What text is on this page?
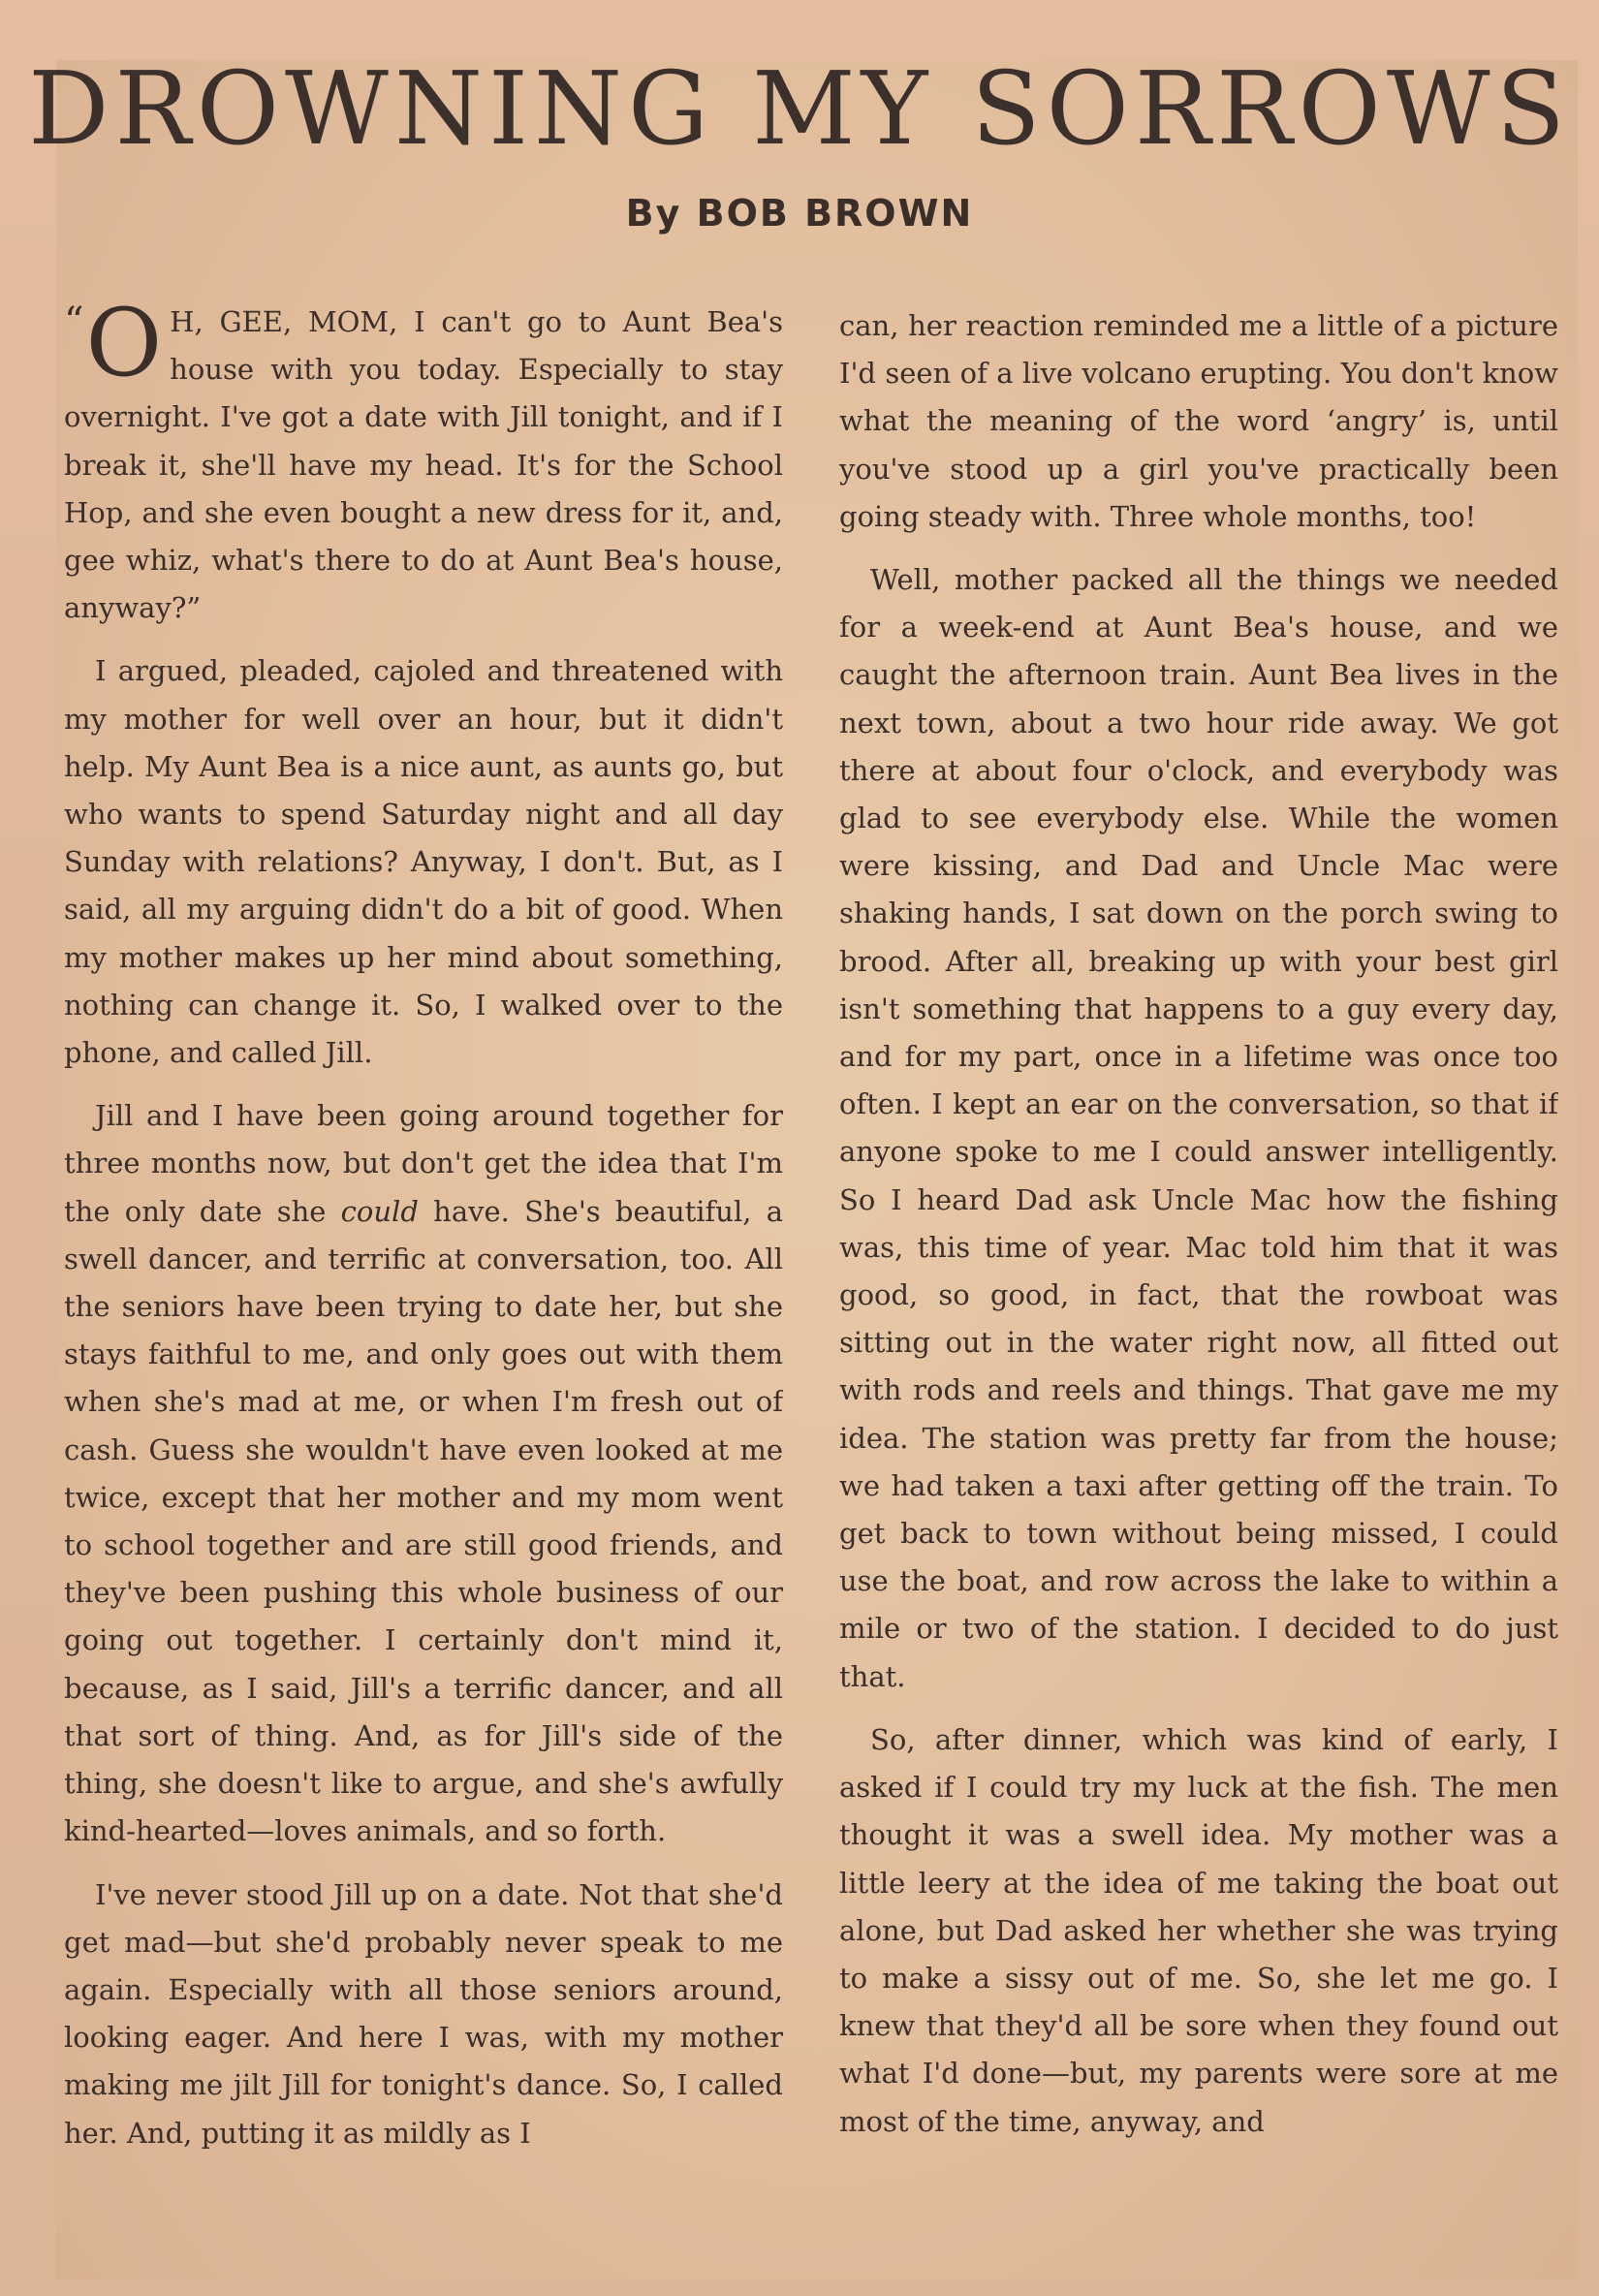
DROWNING MY SORROWS
By BOB BROWN

“ O H, GEE, MOM, I can't go to Aunt Bea's house with you today. Especially to stay overnight. I've got a date with Jill tonight, and if I break it, she'll have my head. It's for the School Hop, and she even bought a new dress for it, and, gee whiz, what's there to do at Aunt Bea's house, anyway?”

I argued, pleaded, cajoled and threatened with my mother for well over an hour, but it didn't help. My Aunt Bea is a nice aunt, as aunts go, but who wants to spend Saturday night and all day Sunday with relations? Anyway, I don't. But, as I said, all my arguing didn't do a bit of good. When my mother makes up her mind about something, nothing can change it. So, I walked over to the phone, and called Jill.

Jill and I have been going around together for three months now, but don't get the idea that I'm the only date she could have. She's beautiful, a swell dancer, and terrific at conversation, too. All the seniors have been trying to date her, but she stays faithful to me, and only goes out with them when she's mad at me, or when I'm fresh out of cash. Guess she wouldn't have even looked at me twice, except that her mother and my mom went to school together and are still good friends, and they've been pushing this whole business of our going out together. I certainly don't mind it, because, as I said, Jill's a terrific dancer, and all that sort of thing. And, as for Jill's side of the thing, she doesn't like to argue, and she's awfully kind-hearted—loves animals, and so forth.

I've never stood Jill up on a date. Not that she'd get mad—but she'd probably never speak to me again. Especially with all those seniors around, looking eager. And here I was, with my mother making me jilt Jill for tonight's dance. So, I called her. And, putting it as mildly as I

can, her reaction reminded me a little of a picture I'd seen of a live volcano erupting. You don't know what the meaning of the word ‘angry’ is, until you've stood up a girl you've practically been going steady with. Three whole months, too!

Well, mother packed all the things we needed for a week-end at Aunt Bea's house, and we caught the afternoon train. Aunt Bea lives in the next town, about a two hour ride away. We got there at about four o'clock, and everybody was glad to see everybody else. While the women were kissing, and Dad and Uncle Mac were shaking hands, I sat down on the porch swing to brood. After all, breaking up with your best girl isn't something that happens to a guy every day, and for my part, once in a lifetime was once too often. I kept an ear on the conversation, so that if anyone spoke to me I could answer intelligently. So I heard Dad ask Uncle Mac how the fishing was, this time of year. Mac told him that it was good, so good, in fact, that the rowboat was sitting out in the water right now, all fitted out with rods and reels and things. That gave me my idea. The station was pretty far from the house; we had taken a taxi after getting off the train. To get back to town without being missed, I could use the boat, and row across the lake to within a mile or two of the station. I decided to do just that.

So, after dinner, which was kind of early, I asked if I could try my luck at the fish. The men thought it was a swell idea. My mother was a little leery at the idea of me taking the boat out alone, but Dad asked her whether she was trying to make a sissy out of me. So, she let me go. I knew that they'd all be sore when they found out what I'd done—but, my parents were sore at me most of the time, anyway, and
